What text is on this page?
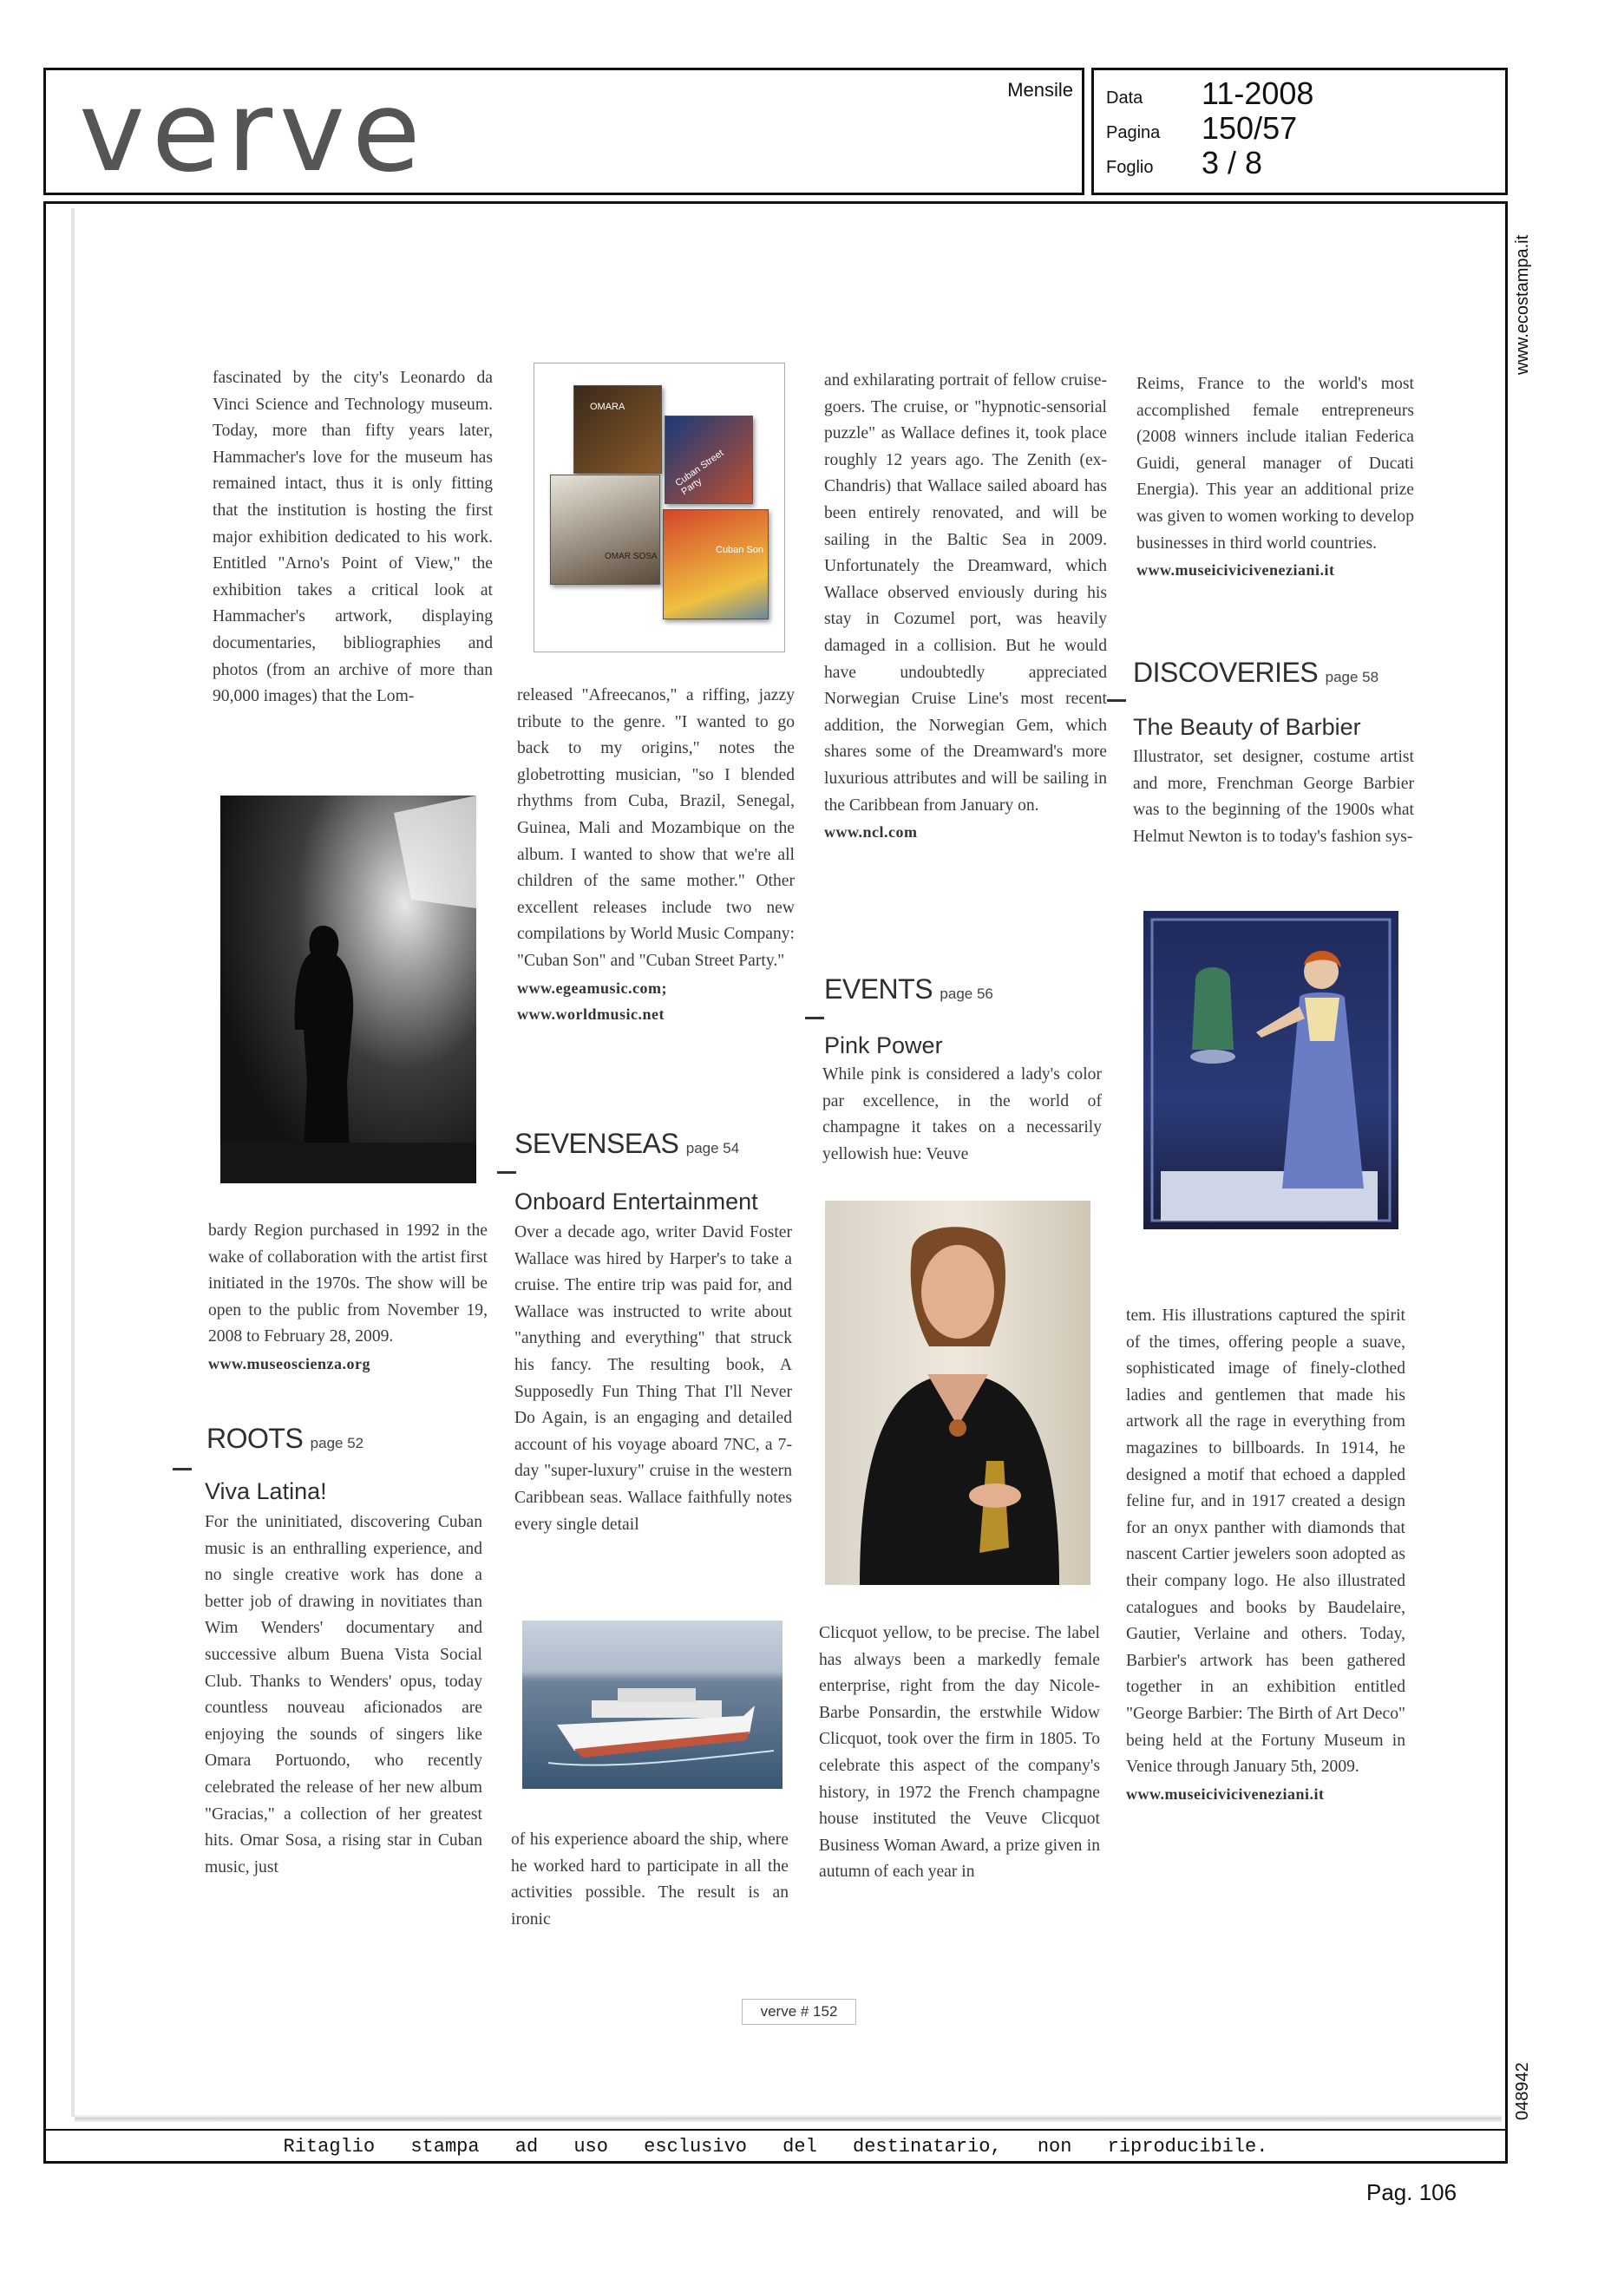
verve	Mensile Data 11-2008
Pagina 150/57
Foglio 3 / 8
www.ecostampa.it
048942

fascinated by the city's Leonardo da Vinci Science and Technology museum. Today, more than fifty years later, Hammacher's love for the museum has remained intact, thus it is only fitting that the institution is hosting the first major exhibition dedicated to his work. Entitled "Arno's Point of View," the exhibition takes a critical look at Hammacher's artwork, displaying documentaries, bibliographies and photos (from an archive of more than 90,000 images) that the Lom-

bardy Region purchased in 1992 in the wake of collaboration with the artist first initiated in the 1970s. The show will be open to the public from November 19, 2008 to February 28, 2009.

www.museoscienza.org

ROOTS page 52
Viva Latina!

For the uninitiated, discovering Cuban music is an enthralling experience, and no single creative work has done a better job of drawing in novitiates than Wim Wenders' documentary and successive album Buena Vista Social Club. Thanks to Wenders' opus, today countless nouveau aficionados are enjoying the sounds of singers like Omara Portuondo, who recently celebrated the release of her new album "Gracias," a collection of her greatest hits. Omar Sosa, a rising star in Cuban music, just

OMARA
Cuban Street Party
OMAR SOSA
Cuban Son

released "Afreecanos," a riffing, jazzy tribute to the genre. "I wanted to go back to my origins," notes the globetrotting musician, "so I blended rhythms from Cuba, Brazil, Senegal, Guinea, Mali and Mozambique on the album. I wanted to show that we're all children of the same mother." Other excellent releases include two new compilations by World Music Company: "Cuban Son" and "Cuban Street Party."

www.egeamusic.com;

www.worldmusic.net

SEVENSEAS page 54
Onboard Entertainment

Over a decade ago, writer David Foster Wallace was hired by Harper's to take a cruise. The entire trip was paid for, and Wallace was instructed to write about "anything and everything" that struck his fancy. The resulting book, A Supposedly Fun Thing That I'll Never Do Again, is an engaging and detailed account of his voyage aboard 7NC, a 7-day "super-luxury" cruise in the western Caribbean seas. Wallace faithfully notes every single detail

of his experience aboard the ship, where he worked hard to participate in all the activities possible. The result is an ironic

and exhilarating portrait of fellow cruise-goers. The cruise, or "hypnotic-sensorial puzzle" as Wallace defines it, took place roughly 12 years ago. The Zenith (ex-Chandris) that Wallace sailed aboard has been entirely renovated, and will be sailing in the Baltic Sea in 2009. Unfortunately the Dreamward, which Wallace observed enviously during his stay in Cozumel port, was heavily damaged in a collision. But he would have undoubtedly appreciated Norwegian Cruise Line's most recent addition, the Norwegian Gem, which shares some of the Dreamward's more luxurious attributes and will be sailing in the Caribbean from January on.

www.ncl.com

EVENTS page 56
Pink Power

While pink is considered a lady's color par excellence, in the world of champagne it takes on a necessarily yellowish hue: Veuve

Clicquot yellow, to be precise. The label has always been a markedly female enterprise, right from the day Nicole-Barbe Ponsardin, the erstwhile Widow Clicquot, took over the firm in 1805. To celebrate this aspect of the company's history, in 1972 the French champagne house instituted the Veuve Clicquot Business Woman Award, a prize given in autumn of each year in

Reims, France to the world's most accomplished female entrepreneurs (2008 winners include italian Federica Guidi, general manager of Ducati Energia). This year an additional prize was given to women working to develop businesses in third world countries.

www.museiciviciveneziani.it

DISCOVERIES page 58
The Beauty of Barbier

Illustrator, set designer, costume artist and more, Frenchman George Barbier was to the beginning of the 1900s what Helmut Newton is to today's fashion sys-

tem. His illustrations captured the spirit of the times, offering people a suave, sophisticated image of finely-clothed ladies and gentlemen that made his artwork all the rage in everything from magazines to billboards. In 1914, he designed a motif that echoed a dappled feline fur, and in 1917 created a design for an onyx panther with diamonds that nascent Cartier jewelers soon adopted as their company logo. He also illustrated catalogues and books by Baudelaire, Gautier, Verlaine and others. Today, Barbier's artwork has been gathered together in an exhibition entitled "George Barbier: The Birth of Art Deco" being held at the Fortuny Museum in Venice through January 5th, 2009.

www.museiciviciveneziani.it

verve # 152
Ritaglio stampa ad uso esclusivo del destinatario, non riproducibile.
Pag. 106
